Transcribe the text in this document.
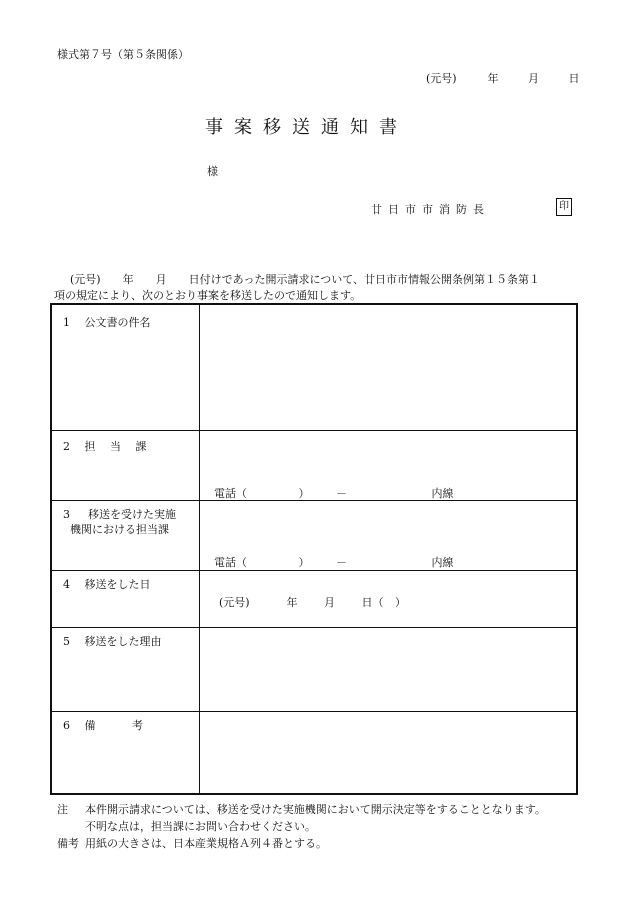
様式第７号（第５条関係）
(元号)	年	月	日
事案移送通知書
様
廿日市市消防長	印
(元号)　　年　　月　　日付けであった開示請求について、廿日市市情報公開条例第１５条第１
項の規定により、次のとおり事案を移送したので通知します。
1　 公文書の件名
2　 担　 当　 課
電話（	） －	内線
3　  移送を受けた実施
機関における担当課
電話（	） －	内線
4　 移送をした日
(元号)	年 月 日（ ）
5　 移送をした理由
6　 備　　　 考
注	本件開示請求については、移送を受けた実施機関において開示決定等をすることとなります。
不明な点は，担当課にお問い合わせください。
備考 用紙の大きさは、日本産業規格Ａ列４番とする。
